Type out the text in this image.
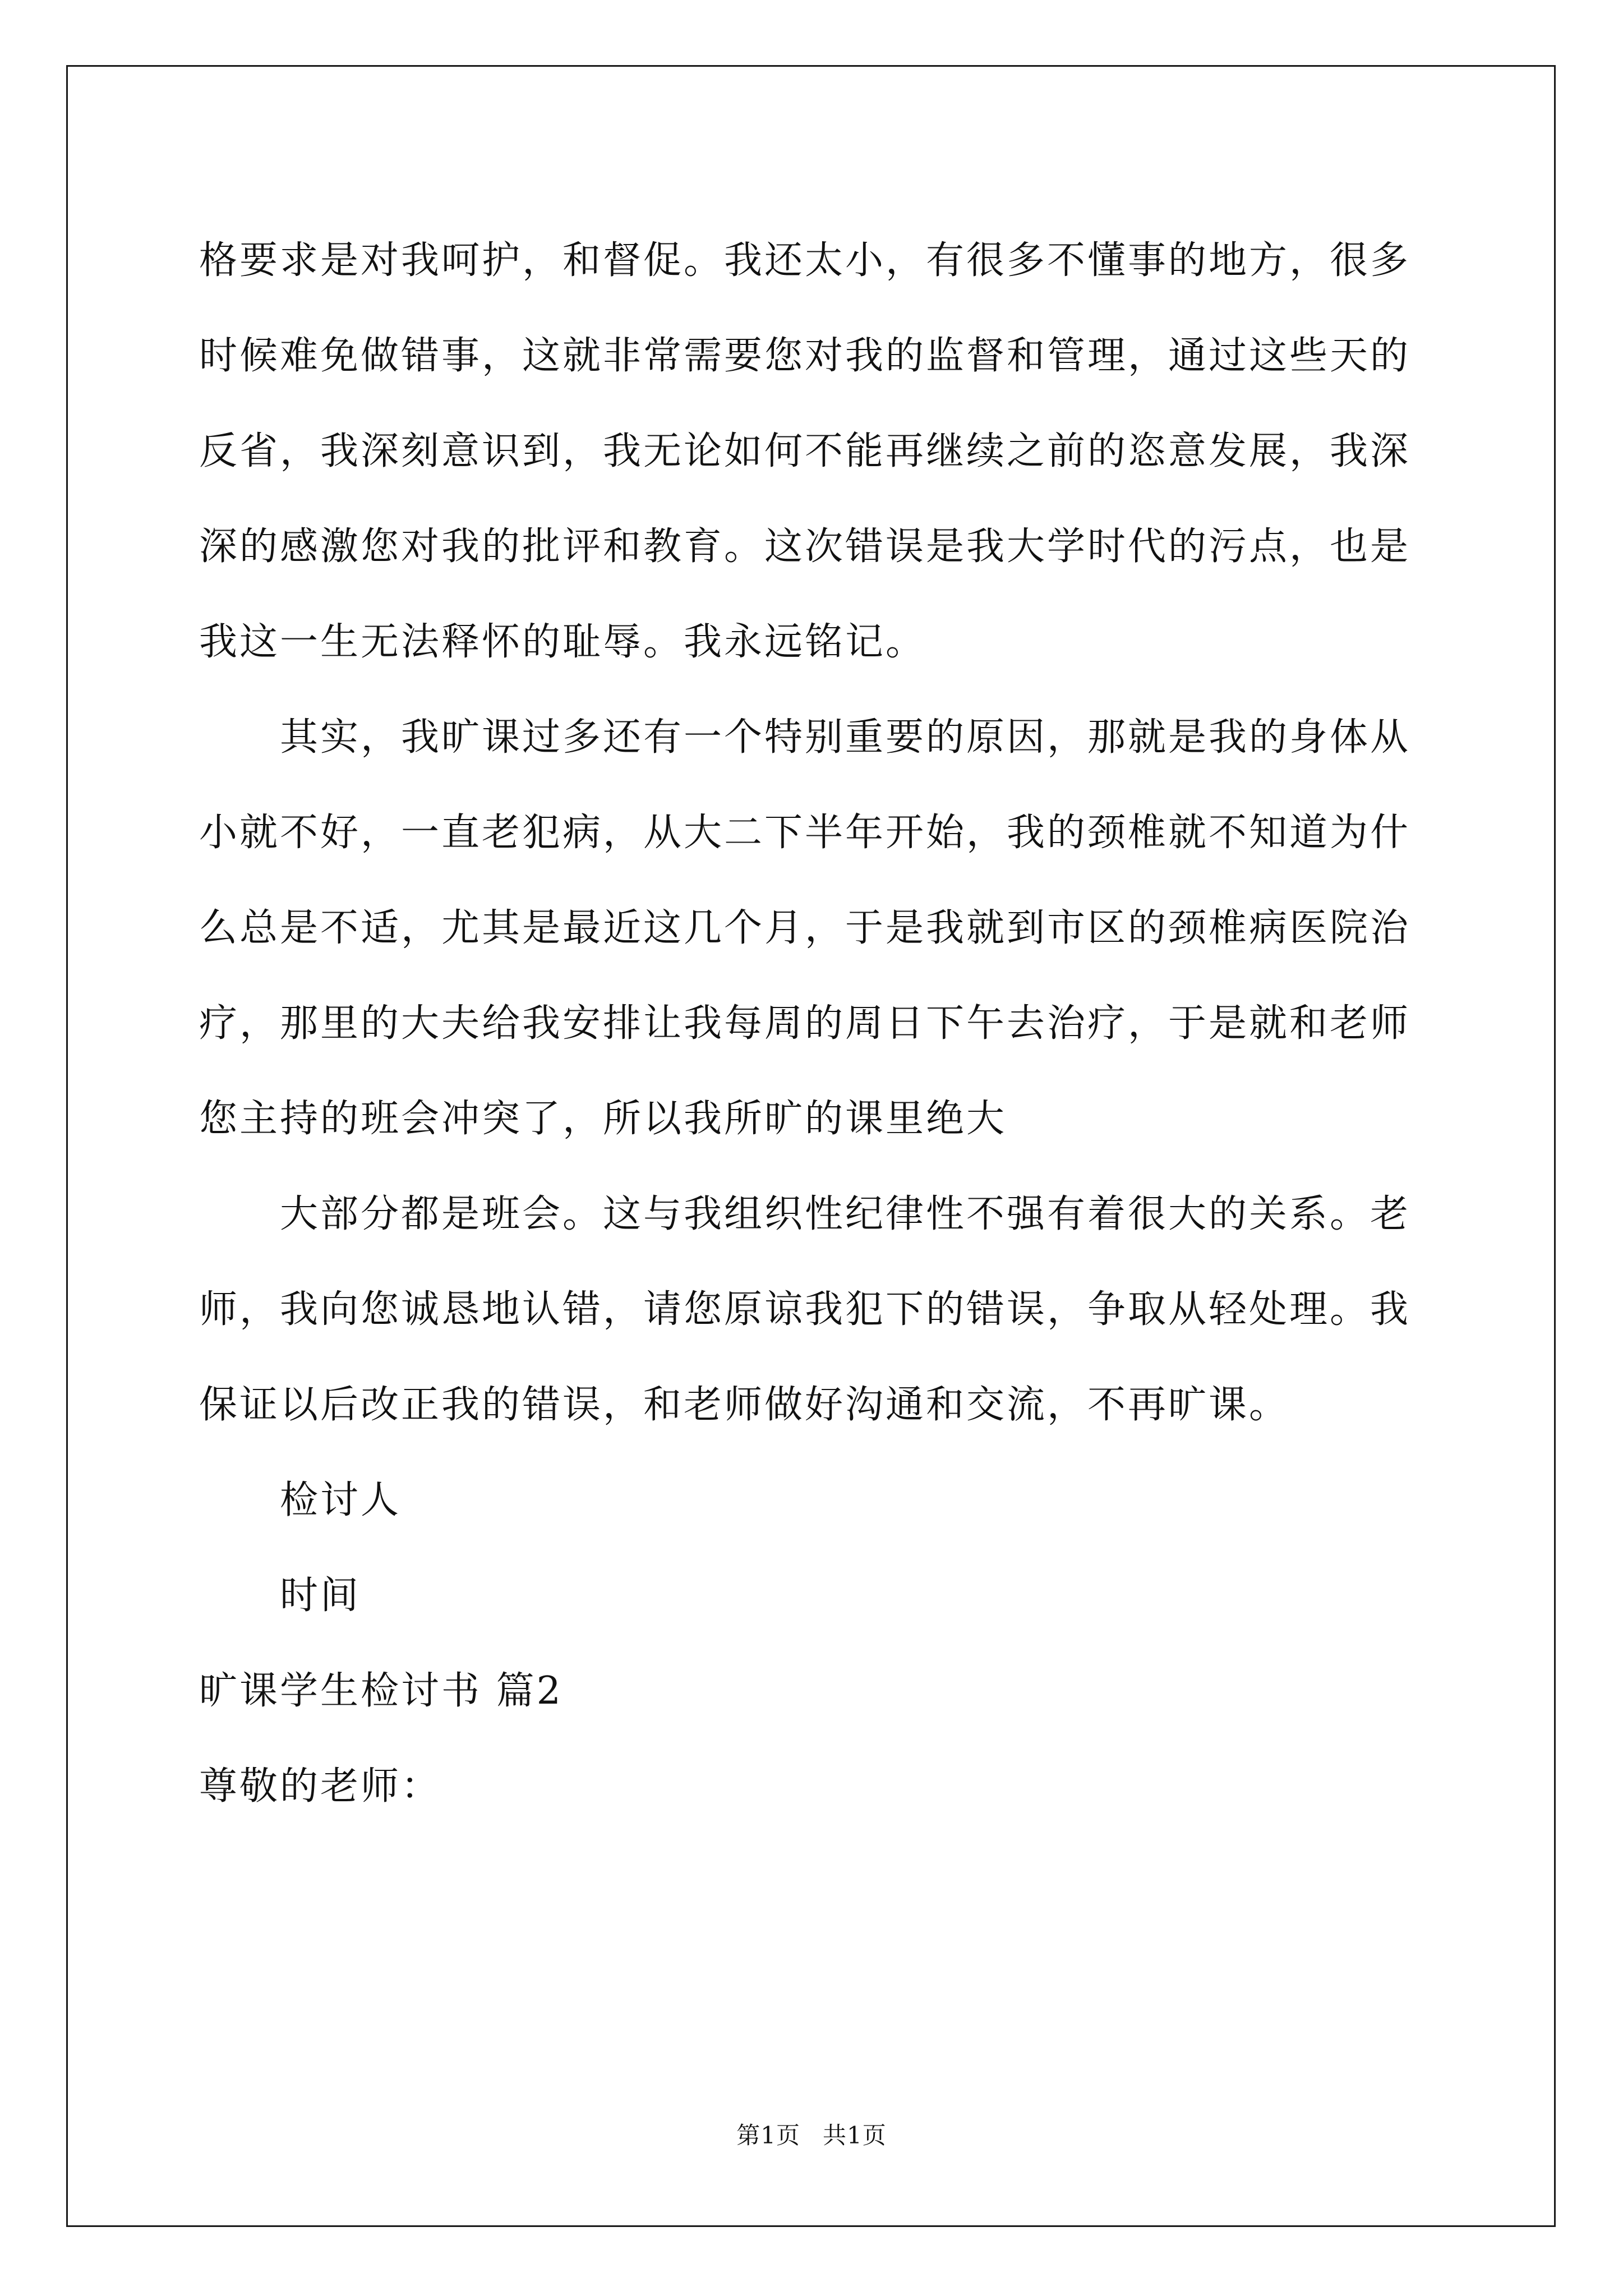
格要求是对我呵护，和督促。我还太小，有很多不懂事的地方，很多时候难免做错事，这就非常需要您对我的监督和管理，通过这些天的反省，我深刻意识到，我无论如何不能再继续之前的恣意发展，我深深的感激您对我的批评和教育。这次错误是我大学时代的污点，也是我这一生无法释怀的耻辱。我永远铭记。

其实，我旷课过多还有一个特别重要的原因，那就是我的身体从小就不好，一直老犯病，从大二下半年开始，我的颈椎就不知道为什么总是不适，尤其是最近这几个月，于是我就到市区的颈椎病医院治疗，那里的大夫给我安排让我每周的周日下午去治疗，于是就和老师您主持的班会冲突了，所以我所旷的课里绝大

大部分都是班会。这与我组织性纪律性不强有着很大的关系。老师，我向您诚恳地认错，请您原谅我犯下的错误，争取从轻处理。我保证以后改正我的错误，和老师做好沟通和交流，不再旷课。

检讨人

时间

旷课学生检讨书 篇2

尊敬的老师：

第1页 共1页
